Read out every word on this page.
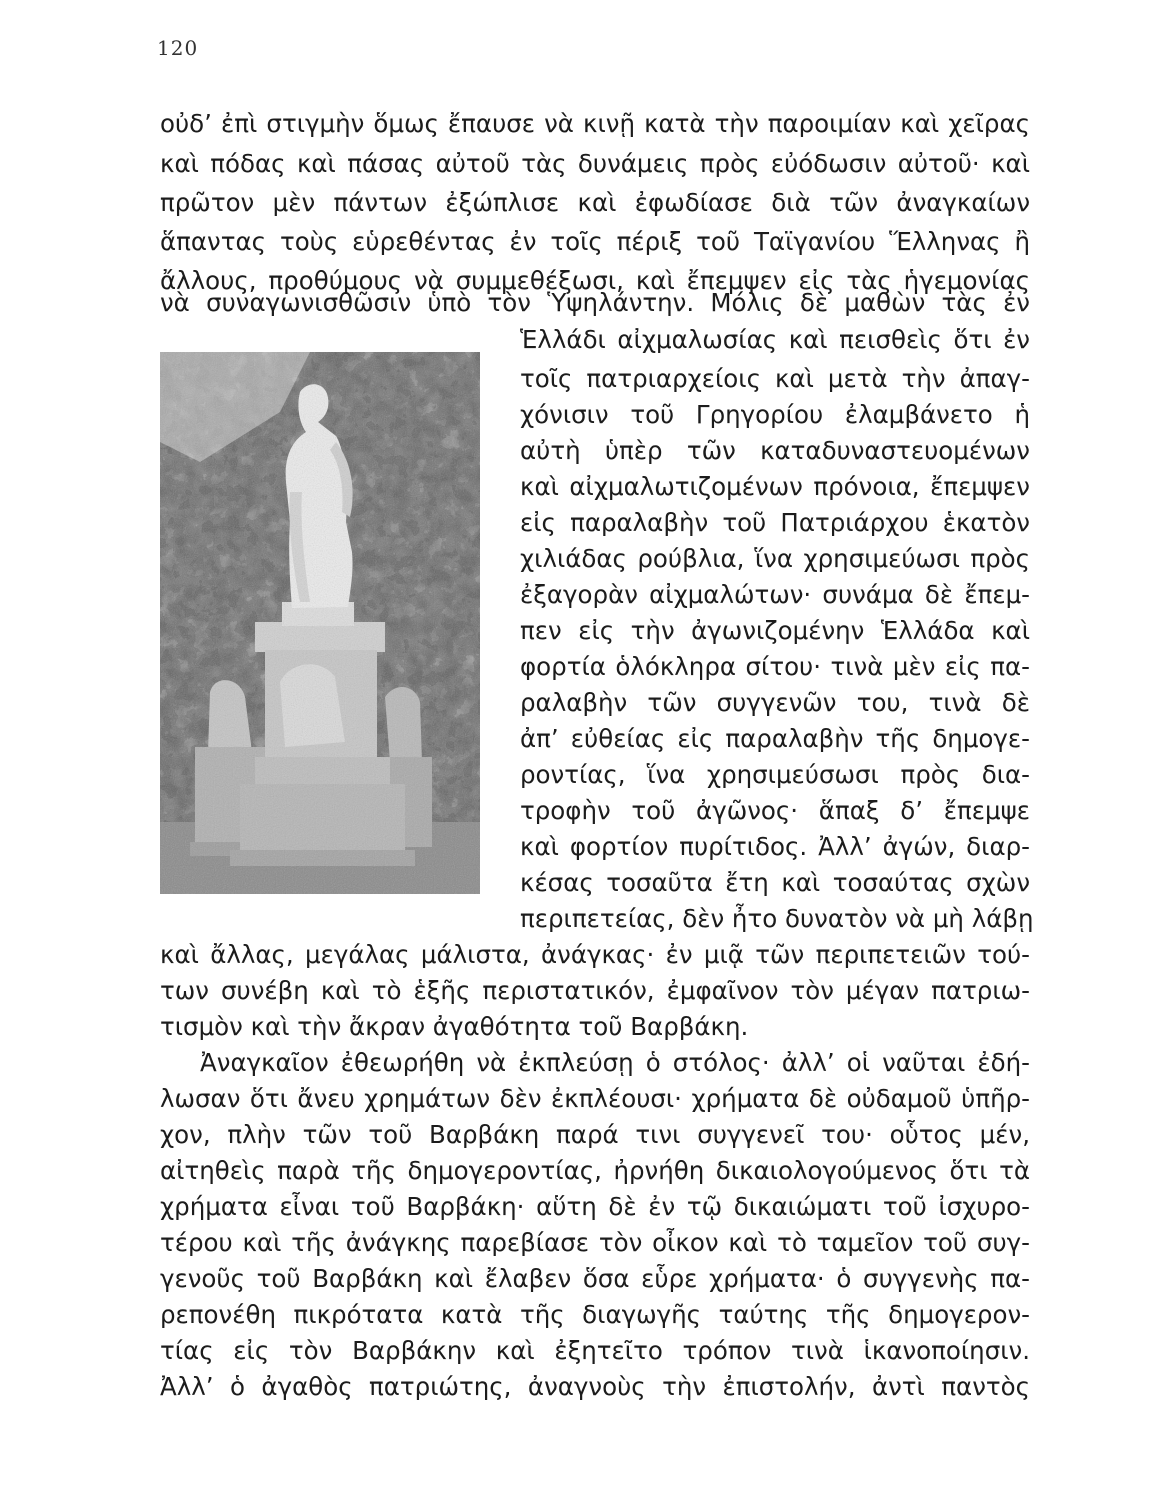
120
οὐδ’ ἐπὶ στιγμὴν ὅμως ἔπαυσε νὰ κινῇ κατὰ τὴν παροιμίαν καὶ χεῖρας
καὶ πόδας καὶ πάσας αὐτοῦ τὰς δυνάμεις πρὸς εὐόδωσιν αὐτοῦ· καὶ
πρῶτον μὲν πάντων ἐξώπλισε καὶ ἐφωδίασε διὰ τῶν ἀναγκαίων
ἅπαντας τοὺς εὑρεθέντας ἐν τοῖς πέριξ τοῦ Ταϊγανίου Ἕλληνας ἢ
ἄλλους, προθύμους νὰ συμμεθέξωσι, καὶ ἔπεμψεν εἰς τὰς ἡγεμονίας
νὰ συναγωνισθῶσιν ὑπὸ τὸν Ὑψηλάντην. Μόλις δὲ μαθὼν τὰς ἐν
Ἑλλάδι αἰχμαλωσίας καὶ πεισθεὶς ὅτι ἐν
τοῖς πατριαρχείοις καὶ μετὰ τὴν ἀπαγ-
χόνισιν τοῦ Γρηγορίου ἐλαμβάνετο ἡ
αὐτὴ ὑπὲρ τῶν καταδυναστευομένων
καὶ αἰχμαλωτιζομένων πρόνοια, ἔπεμψεν
εἰς παραλαβὴν τοῦ Πατριάρχου ἑκατὸν
χιλιάδας ρούβλια, ἵνα χρησιμεύωσι πρὸς
ἐξαγορὰν αἰχμαλώτων· συνάμα δὲ ἔπεμ-
πεν εἰς τὴν ἀγωνιζομένην Ἑλλάδα καὶ
φορτία ὁλόκληρα σίτου· τινὰ μὲν εἰς πα-
ραλαβὴν τῶν συγγενῶν του, τινὰ δὲ
ἀπ’ εὐθείας εἰς παραλαβὴν τῆς δημογε-
ροντίας, ἵνα χρησιμεύσωσι πρὸς δια-
τροφὴν τοῦ ἀγῶνος· ἅπαξ δ’ ἔπεμψε
καὶ φορτίον πυρίτιδος. Ἀλλ’ ἀγών, διαρ-
κέσας τοσαῦτα ἔτη καὶ τοσαύτας σχὼν
περιπετείας, δὲν ἦτο δυνατὸν νὰ μὴ λάβῃ
καὶ ἄλλας, μεγάλας μάλιστα, ἀνάγκας· ἐν μιᾷ τῶν περιπετειῶν τού-
των συνέβη καὶ τὸ ἑξῆς περιστατικόν, ἐμφαῖνον τὸν μέγαν πατριω-
τισμὸν καὶ τὴν ἄκραν ἀγαθότητα τοῦ Βαρβάκη.
Ἀναγκαῖον ἐθεωρήθη νὰ ἐκπλεύσῃ ὁ στόλος· ἀλλ’ οἱ ναῦται ἐδή-
λωσαν ὅτι ἄνευ χρημάτων δὲν ἐκπλέουσι· χρήματα δὲ οὐδαμοῦ ὑπῆρ-
χον, πλὴν τῶν τοῦ Βαρβάκη παρά τινι συγγενεῖ του· οὗτος μέν,
αἰτηθεὶς παρὰ τῆς δημογεροντίας, ἠρνήθη δικαιολογούμενος ὅτι τὰ
χρήματα εἶναι τοῦ Βαρβάκη· αὕτη δὲ ἐν τῷ δικαιώματι τοῦ ἰσχυρο-
τέρου καὶ τῆς ἀνάγκης παρεβίασε τὸν οἶκον καὶ τὸ ταμεῖον τοῦ συγ-
γενοῦς τοῦ Βαρβάκη καὶ ἔλαβεν ὅσα εὗρε χρήματα· ὁ συγγενὴς πα-
ρεπονέθη πικρότατα κατὰ τῆς διαγωγῆς ταύτης τῆς δημογερον-
τίας εἰς τὸν Βαρβάκην καὶ ἐξητεῖτο τρόπον τινὰ ἱκανοποίησιν.
Ἀλλ’ ὁ ἀγαθὸς πατριώτης, ἀναγνοὺς τὴν ἐπιστολήν, ἀντὶ παντὸς
